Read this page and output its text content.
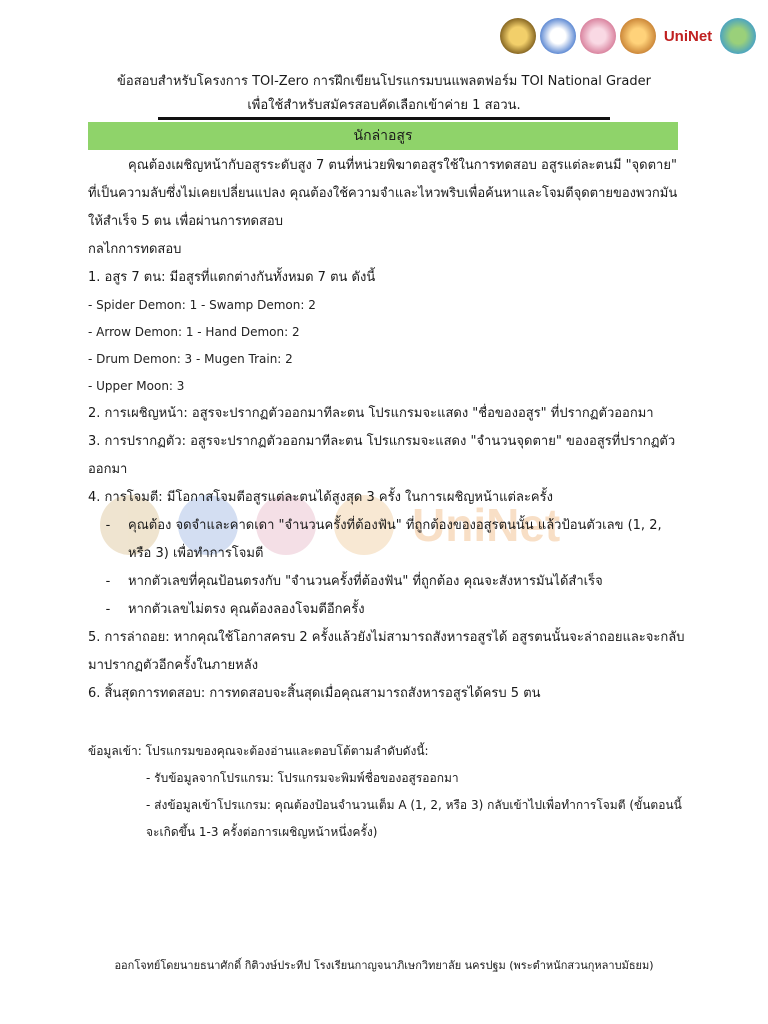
UniNet
UniNet
ข้อสอบสำหรับโครงการ TOI-Zero การฝึกเขียนโปรแกรมบนแพลตฟอร์ม TOI National Grader
เพื่อใช้สำหรับสมัครสอบคัดเลือกเข้าค่าย 1 สอวน.
นักล่าอสูร

คุณต้องเผชิญหน้ากับอสูรระดับสูง 7 ตนที่หน่วยพิฆาตอสูรใช้ในการทดสอบ อสูรแต่ละตนมี "จุดตาย" ที่เป็นความลับซึ่งไม่เคยเปลี่ยนแปลง คุณต้องใช้ความจำและไหวพริบเพื่อค้นหาและโจมตีจุดตายของพวกมันให้สำเร็จ 5 ตน เพื่อผ่านการทดสอบ

กลไกการทดสอบ

1. อสูร 7 ตน: มีอสูรที่แตกต่างกันทั้งหมด 7 ตน ดังนี้

- Spider Demon: 1 - Swamp Demon: 2

- Arrow Demon: 1 - Hand Demon: 2

- Drum Demon: 3 - Mugen Train: 2

- Upper Moon: 3

2. การเผชิญหน้า: อสูรจะปรากฏตัวออกมาทีละตน โปรแกรมจะแสดง "ชื่อของอสูร" ที่ปรากฏตัวออกมา

3. การปรากฏตัว: อสูรจะปรากฏตัวออกมาทีละตน โปรแกรมจะแสดง "จำนวนจุดตาย" ของอสูรที่ปรากฏตัวออกมา

4. การโจมตี: มีโอกาสโจมตีอสูรแต่ละตนได้สูงสุด 3 ครั้ง ในการเผชิญหน้าแต่ละครั้ง

-	คุณต้อง จดจำและคาดเดา "จำนวนครั้งที่ต้องฟัน" ที่ถูกต้องของอสูรตนนั้น แล้วป้อนตัวเลข (1, 2, หรือ 3) เพื่อทำการโจมตี
-	หากตัวเลขที่คุณป้อนตรงกับ "จำนวนครั้งที่ต้องฟัน" ที่ถูกต้อง คุณจะสังหารมันได้สำเร็จ
-	หากตัวเลขไม่ตรง คุณต้องลองโจมตีอีกครั้ง

5. การล่าถอย: หากคุณใช้โอกาสครบ 2 ครั้งแล้วยังไม่สามารถสังหารอสูรได้ อสูรตนนั้นจะล่าถอยและจะกลับมาปรากฏตัวอีกครั้งในภายหลัง

6. สิ้นสุดการทดสอบ: การทดสอบจะสิ้นสุดเมื่อคุณสามารถสังหารอสูรได้ครบ 5 ตน

ข้อมูลเข้า: โปรแกรมของคุณจะต้องอ่านและตอบโต้ตามลำดับดังนี้:

- รับข้อมูลจากโปรแกรม: โปรแกรมจะพิมพ์ชื่อของอสูรออกมา

- ส่งข้อมูลเข้าโปรแกรม: คุณต้องป้อนจำนวนเต็ม A (1, 2, หรือ 3) กลับเข้าไปเพื่อทำการโจมตี (ขั้นตอนนี้จะเกิดขึ้น 1-3 ครั้งต่อการเผชิญหน้าหนึ่งครั้ง)

ออกโจทย์โดยนายธนาศักดิ์ กิติวงษ์ประทีป โรงเรียนกาญจนาภิเษกวิทยาลัย นครปฐม (พระตำหนักสวนกุหลาบมัธยม)
